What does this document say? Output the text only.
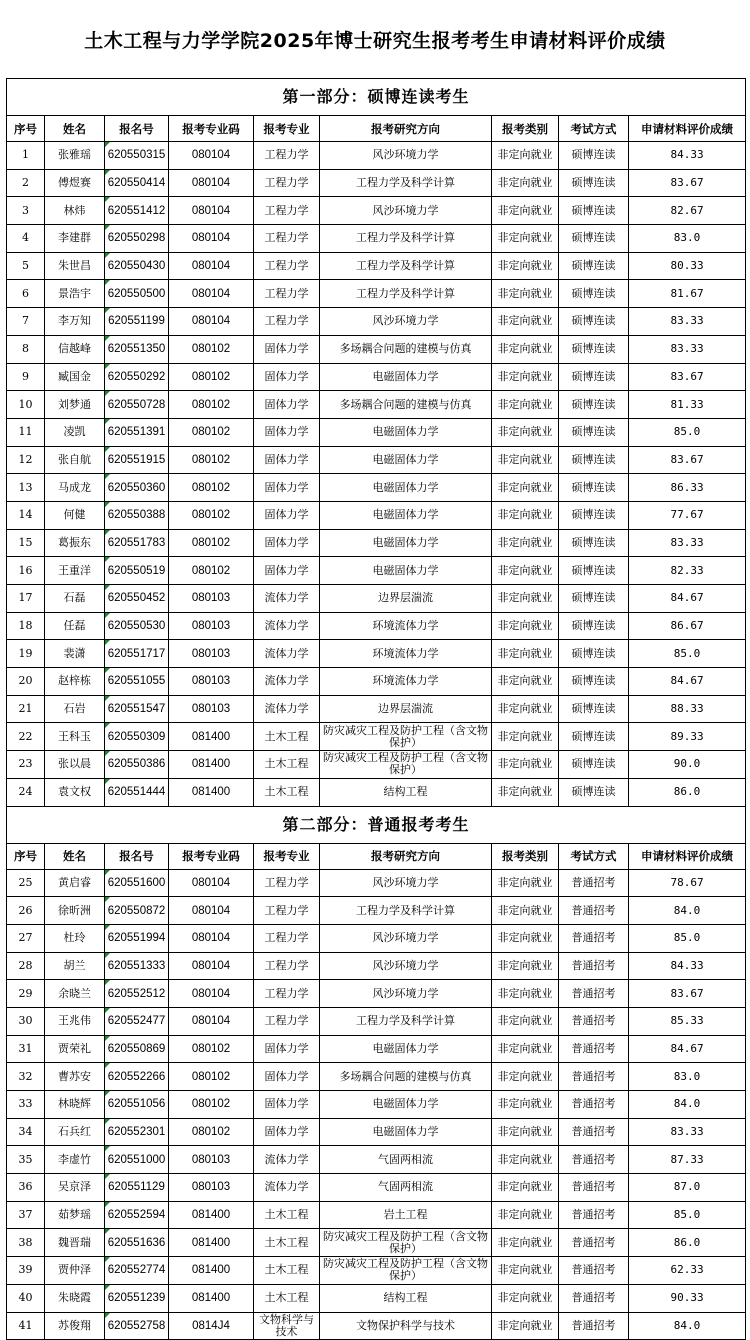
土木工程与力学学院2025年博士研究生报考考生申请材料评价成绩
第一部分：硕博连读考生								
序号	姓名	报名号	报考专业码	报考专业	报考研究方向	报考类别	考试方式	申请材料评价成绩
1	张雅瑶	620550315	080104	工程力学	风沙环境力学	非定向就业	硕博连读	84.33
2	傅煜赛	620550414	080104	工程力学	工程力学及科学计算	非定向就业	硕博连读	83.67
3	林炜	620551412	080104	工程力学	风沙环境力学	非定向就业	硕博连读	82.67
4	李建群	620550298	080104	工程力学	工程力学及科学计算	非定向就业	硕博连读	83.0
5	朱世昌	620550430	080104	工程力学	工程力学及科学计算	非定向就业	硕博连读	80.33
6	景浩宇	620550500	080104	工程力学	工程力学及科学计算	非定向就业	硕博连读	81.67
7	李万知	620551199	080104	工程力学	风沙环境力学	非定向就业	硕博连读	83.33
8	信越峰	620551350	080102	固体力学	多场耦合问题的建模与仿真	非定向就业	硕博连读	83.33
9	臧国金	620550292	080102	固体力学	电磁固体力学	非定向就业	硕博连读	83.67
10	刘梦通	620550728	080102	固体力学	多场耦合问题的建模与仿真	非定向就业	硕博连读	81.33
11	凌凯	620551391	080102	固体力学	电磁固体力学	非定向就业	硕博连读	85.0
12	张自航	620551915	080102	固体力学	电磁固体力学	非定向就业	硕博连读	83.67
13	马成龙	620550360	080102	固体力学	电磁固体力学	非定向就业	硕博连读	86.33
14	何健	620550388	080102	固体力学	电磁固体力学	非定向就业	硕博连读	77.67
15	葛振东	620551783	080102	固体力学	电磁固体力学	非定向就业	硕博连读	83.33
16	王重洋	620550519	080102	固体力学	电磁固体力学	非定向就业	硕博连读	82.33
17	石磊	620550452	080103	流体力学	边界层湍流	非定向就业	硕博连读	84.67
18	任磊	620550530	080103	流体力学	环境流体力学	非定向就业	硕博连读	86.67
19	裴潇	620551717	080103	流体力学	环境流体力学	非定向就业	硕博连读	85.0
20	赵梓栋	620551055	080103	流体力学	环境流体力学	非定向就业	硕博连读	84.67
21	石岩	620551547	080103	流体力学	边界层湍流	非定向就业	硕博连读	88.33
22	王科玉	620550309	081400	土木工程	防灾减灾工程及防护工程（含文物保护）	非定向就业	硕博连读	89.33
23	张以晨	620550386	081400	土木工程	防灾减灾工程及防护工程（含文物保护）	非定向就业	硕博连读	90.0
24	袁文权	620551444	081400	土木工程	结构工程	非定向就业	硕博连读	86.0
第二部分：普通报考考生								
序号	姓名	报名号	报考专业码	报考专业	报考研究方向	报考类别	考试方式	申请材料评价成绩
25	黄启睿	620551600	080104	工程力学	风沙环境力学	非定向就业	普通招考	78.67
26	徐昕洲	620550872	080104	工程力学	工程力学及科学计算	非定向就业	普通招考	84.0
27	杜玲	620551994	080104	工程力学	风沙环境力学	非定向就业	普通招考	85.0
28	胡兰	620551333	080104	工程力学	风沙环境力学	非定向就业	普通招考	84.33
29	余晓兰	620552512	080104	工程力学	风沙环境力学	非定向就业	普通招考	83.67
30	王兆伟	620552477	080104	工程力学	工程力学及科学计算	非定向就业	普通招考	85.33
31	贾荣礼	620550869	080102	固体力学	电磁固体力学	非定向就业	普通招考	84.67
32	曹苏安	620552266	080102	固体力学	多场耦合问题的建模与仿真	非定向就业	普通招考	83.0
33	林晓辉	620551056	080102	固体力学	电磁固体力学	非定向就业	普通招考	84.0
34	石兵红	620552301	080102	固体力学	电磁固体力学	非定向就业	普通招考	83.33
35	李虚竹	620551000	080103	流体力学	气固两相流	非定向就业	普通招考	87.33
36	吴京泽	620551129	080103	流体力学	气固两相流	非定向就业	普通招考	87.0
37	茹梦瑶	620552594	081400	土木工程	岩土工程	非定向就业	普通招考	85.0
38	魏晋瑞	620551636	081400	土木工程	防灾减灾工程及防护工程（含文物保护）	非定向就业	普通招考	86.0
39	贾仲泽	620552774	081400	土木工程	防灾减灾工程及防护工程（含文物保护）	非定向就业	普通招考	62.33
40	朱晓霞	620551239	081400	土木工程	结构工程	非定向就业	普通招考	90.33
41	苏俊翔	620552758	0814J4	文物科学与技术	文物保护科学与技术	非定向就业	普通招考	84.0
